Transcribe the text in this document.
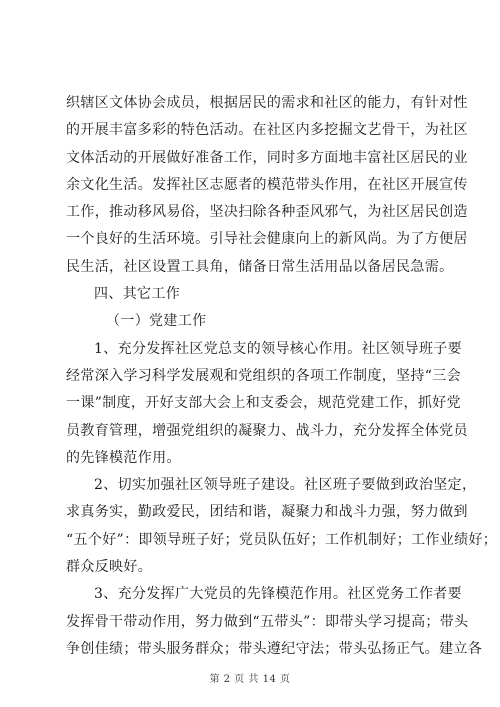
织辖区文体协会成员，根据居民的需求和社区的能力，有针对性
的开展丰富多彩的特色活动。在社区内多挖掘文艺骨干，为社区
文体活动的开展做好准备工作，同时多方面地丰富社区居民的业
余文化生活。发挥社区志愿者的模范带头作用，在社区开展宣传
工作，推动移风易俗，坚决扫除各种歪风邪气，为社区居民创造
一个良好的生活环境。引导社会健康向上的新风尚。为了方便居
民生活，社区设置工具角，储备日常生活用品以备居民急需。
四、其它工作
（一）党建工作
1、充分发挥社区党总支的领导核心作用。社区领导班子要
经常深入学习科学发展观和党组织的各项工作制度，坚持“三会
一课”制度，开好支部大会上和支委会，规范党建工作，抓好党
员教育管理，增强党组织的凝聚力、战斗力，充分发挥全体党员
的先锋模范作用。
2、切实加强社区领导班子建设。社区班子要做到政治坚定，
求真务实，勤政爱民，团结和谐，凝聚力和战斗力强，努力做到
“五个好”：即领导班子好；党员队伍好；工作机制好；工作业绩好；
群众反映好。
3、充分发挥广大党员的先锋模范作用。社区党务工作者要
发挥骨干带动作用，努力做到“五带头”：即带头学习提高；带头
争创佳绩；带头服务群众；带头遵纪守法；带头弘扬正气。建立各
第 2 页 共 14 页
